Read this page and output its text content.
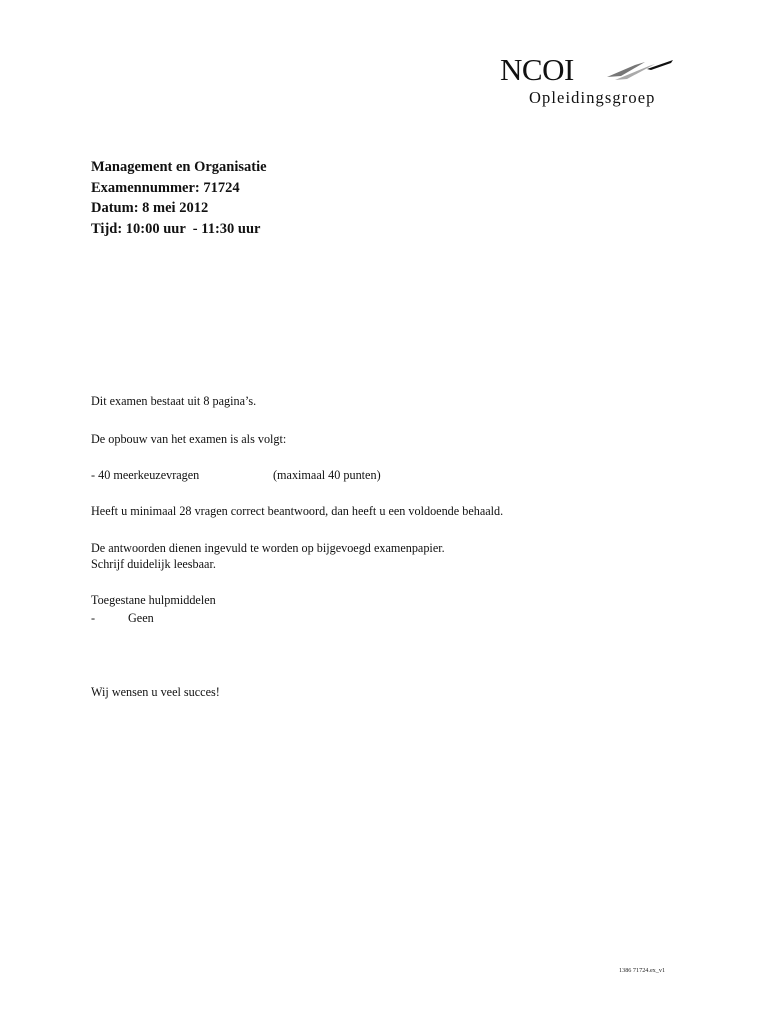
NCOI
Opleidingsgroep
Management en Organisatie
Examennummer: 71724
Datum: 8 mei 2012
Tijd: 10:00 uur  - 11:30 uur
Dit examen bestaat uit 8 pagina’s.
De opbouw van het examen is als volgt:
- 40 meerkeuzevragen	(maximaal 40 punten)
Heeft u minimaal 28 vragen correct beantwoord, dan heeft u een voldoende behaald.
De antwoorden dienen ingevuld te worden op bijgevoegd examenpapier.
Schrijf duidelijk leesbaar.
Toegestane hulpmiddelen
-	Geen
Wij wensen u veel succes!
1386 71724.ex_v1
